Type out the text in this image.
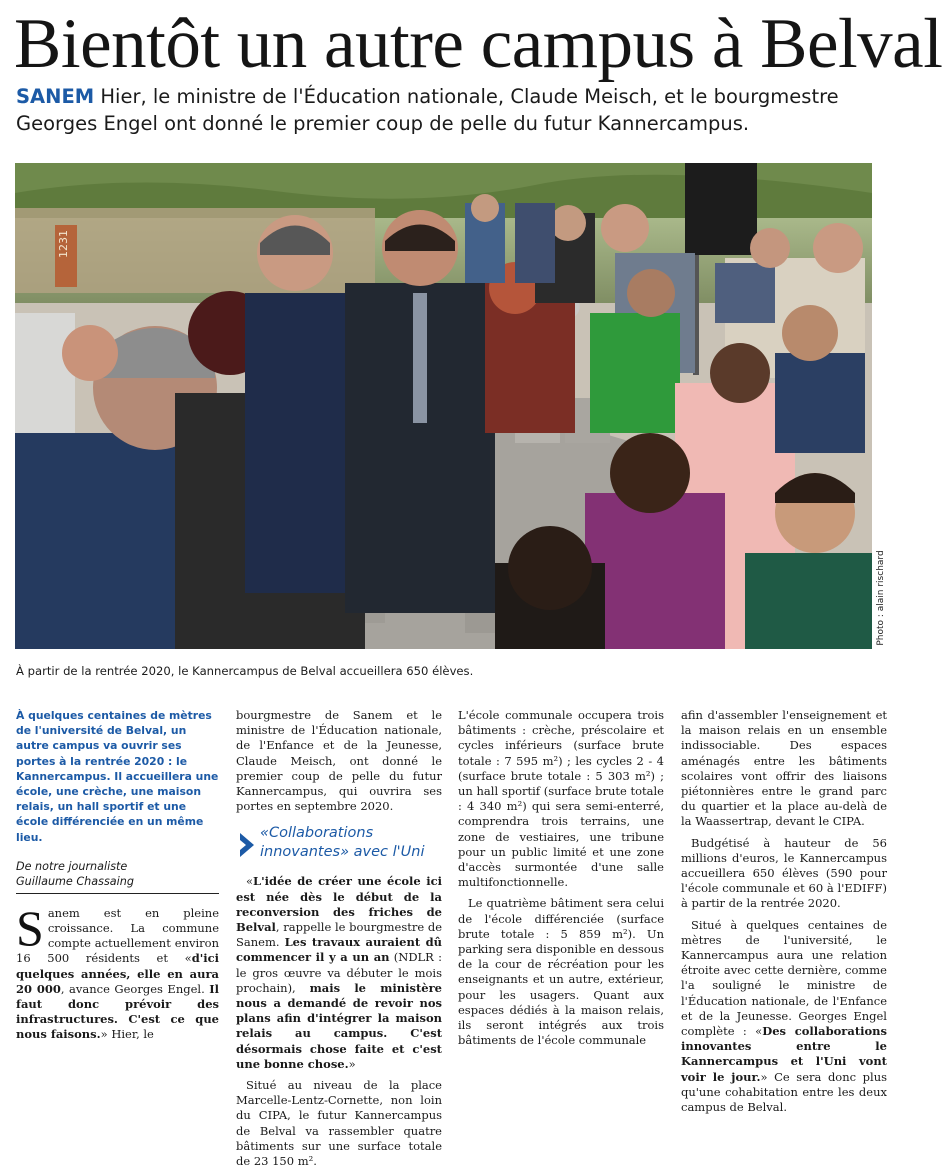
Bientôt un autre campus à Belval
SANEM Hier, le ministre de l'Éducation nationale, Claude Meisch, et le bourgmestre Georges Engel ont donné le premier coup de pelle du futur Kannercampus.
1231
Photo : alain rischard
À partir de la rentrée 2020, le Kannercampus de Belval accueillera 650 élèves.
À quelques centaines de mètres de l'université de Belval, un autre campus va ouvrir ses portes à la rentrée 2020 : le Kannercampus. Il accueillera une école, une crèche, une maison relais, un hall sportif et une école différenciée en un même lieu.
De notre journaliste
Guillaume Chassaing
Sanem est en pleine croissance. La commune compte actuellement environ 16 500 résidents et «d'ici quelques années, elle en aura 20 000, avance Georges Engel. Il faut donc prévoir des infrastructures. C'est ce que nous faisons.» Hier, le

bourgmestre de Sanem et le ministre de l'Éducation nationale, de l'Enfance et de la Jeunesse, Claude Meisch, ont donné le premier coup de pelle du futur Kannercampus, qui ouvrira ses portes en septembre 2020.

«Collaborations innovantes» avec l'Uni

«L'idée de créer une école ici est née dès le début de la reconversion des friches de Belval, rappelle le bourgmestre de Sanem. Les travaux auraient dû commencer il y a un an (NDLR : le gros œuvre va débuter le mois prochain), mais le ministère nous a demandé de revoir nos plans afin d'intégrer la maison relais au campus. C'est désormais chose faite et c'est une bonne chose.»

Situé au niveau de la place Marcelle-Lentz-Cornette, non loin du CIPA, le futur Kannercampus de Belval va rassembler quatre bâtiments sur une surface totale de 23 150 m².

L'école communale occupera trois bâtiments : crèche, préscolaire et cycles inférieurs (surface brute totale : 7 595 m²) ; les cycles 2 - 4 (surface brute totale : 5 303 m²) ; un hall sportif (surface brute totale : 4 340 m²) qui sera semi-enterré, comprendra trois terrains, une zone de vestiaires, une tribune pour un public limité et une zone d'accès surmontée d'une salle multifonctionnelle.

Le quatrième bâtiment sera celui de l'école différenciée (surface brute totale : 5 859 m²). Un parking sera disponible en dessous de la cour de récréation pour les enseignants et un autre, extérieur, pour les usagers. Quant aux espaces dédiés à la maison relais, ils seront intégrés aux trois bâtiments de l'école communale

afin d'assembler l'enseignement et la maison relais en un ensemble indissociable. Des espaces aménagés entre les bâtiments scolaires vont offrir des liaisons piétonnières entre le grand parc du quartier et la place au-delà de la Waassertrap, devant le CIPA.

Budgétisé à hauteur de 56 millions d'euros, le Kannercampus accueillera 650 élèves (590 pour l'école communale et 60 à l'EDIFF) à partir de la rentrée 2020.

Situé à quelques centaines de mètres de l'université, le Kannercampus aura une relation étroite avec cette dernière, comme l'a souligné le ministre de l'Éducation nationale, de l'Enfance et de la Jeunesse. Georges Engel complète : «Des collaborations innovantes entre le Kannercampus et l'Uni vont voir le jour.» Ce sera donc plus qu'une cohabitation entre les deux campus de Belval.
